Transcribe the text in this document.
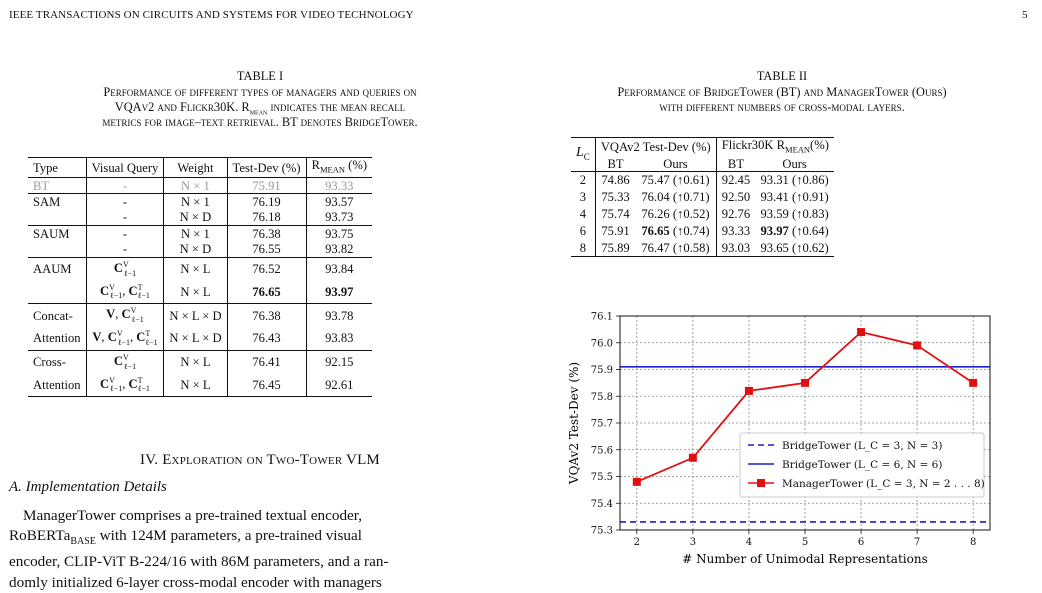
IEEE TRANSACTIONS ON CIRCUITS AND SYSTEMS FOR VIDEO TECHNOLOGY	5
TABLE I
Performance of different types of managers and queries on
VQAv2 and Flickr30K. $R_{mean}$ indicates the mean recall
metrics for image–text retrieval. BT denotes BridgeTower.
Type	Visual Query	Weight	Test-Dev (%)	$R_{MEAN}$ (%)
BT	-	N × 1	75.91	93.33
SAM	-	N × 1	76.19	93.57
	-	N × D	76.18	93.73
SAUM	-	N × 1	76.38	93.75
	-	N × D	76.55	93.82
AAUM	$C^V_{\ell-1}$	N × L	76.52	93.84
	$C^V_{\ell-1}$, $C^T_{\ell-1}$	N × L	76.65	93.97
Concat-	V, $C^V_{\ell-1}$	N × L × D	76.38	93.78
Attention	V, $C^V_{\ell-1}$, $C^T_{\ell-1}$	N × L × D	76.43	93.83
Cross-	$C^V_{\ell-1}$	N × L	76.41	92.15
Attention	$C^V_{\ell-1}$, $C^T_{\ell-1}$	N × L	76.45	92.61
IV. Exploration on Two-Tower VLM
A. Implementation Details
ManagerTower comprises a pre-trained textual encoder,
RoBERTa$_{BASE}$ with 124M parameters, a pre-trained visual
encoder, CLIP-ViT B-224/16 with 86M parameters, and a ran-
domly initialized 6-layer cross-modal encoder with managers
TABLE II
Performance of BridgeTower (BT) and ManagerTower (Ours)
with different numbers of cross-modal layers.
$L_C$	VQAv2 Test-Dev (%)		Flickr30K $R_{MEAN}(\%)$	
	BT	Ours	BT	Ours
2	74.86	75.47 (↑0.61)	92.45	93.31 (↑0.86)
3	75.33	76.04 (↑0.71)	92.50	93.41 (↑0.91)
4	75.74	76.26 (↑0.52)	92.76	93.59 (↑0.83)
6	75.91	76.65 (↑0.74)	93.33	93.97 (↑0.64)
8	75.89	76.47 (↑0.58)	93.03	93.65 (↑0.62)
2	3	4	5	6	7	8
75.3
75.4
75.5
75.6
75.7
75.8
75.9
76.0
76.1
BridgeTower (L_C = 3, N = 3)
BridgeTower (L_C = 6, N = 6)
ManagerTower (L_C = 3, N = 2 . . . 8)
# Number of Unimodal Representations
VQAv2 Test-Dev (%)
